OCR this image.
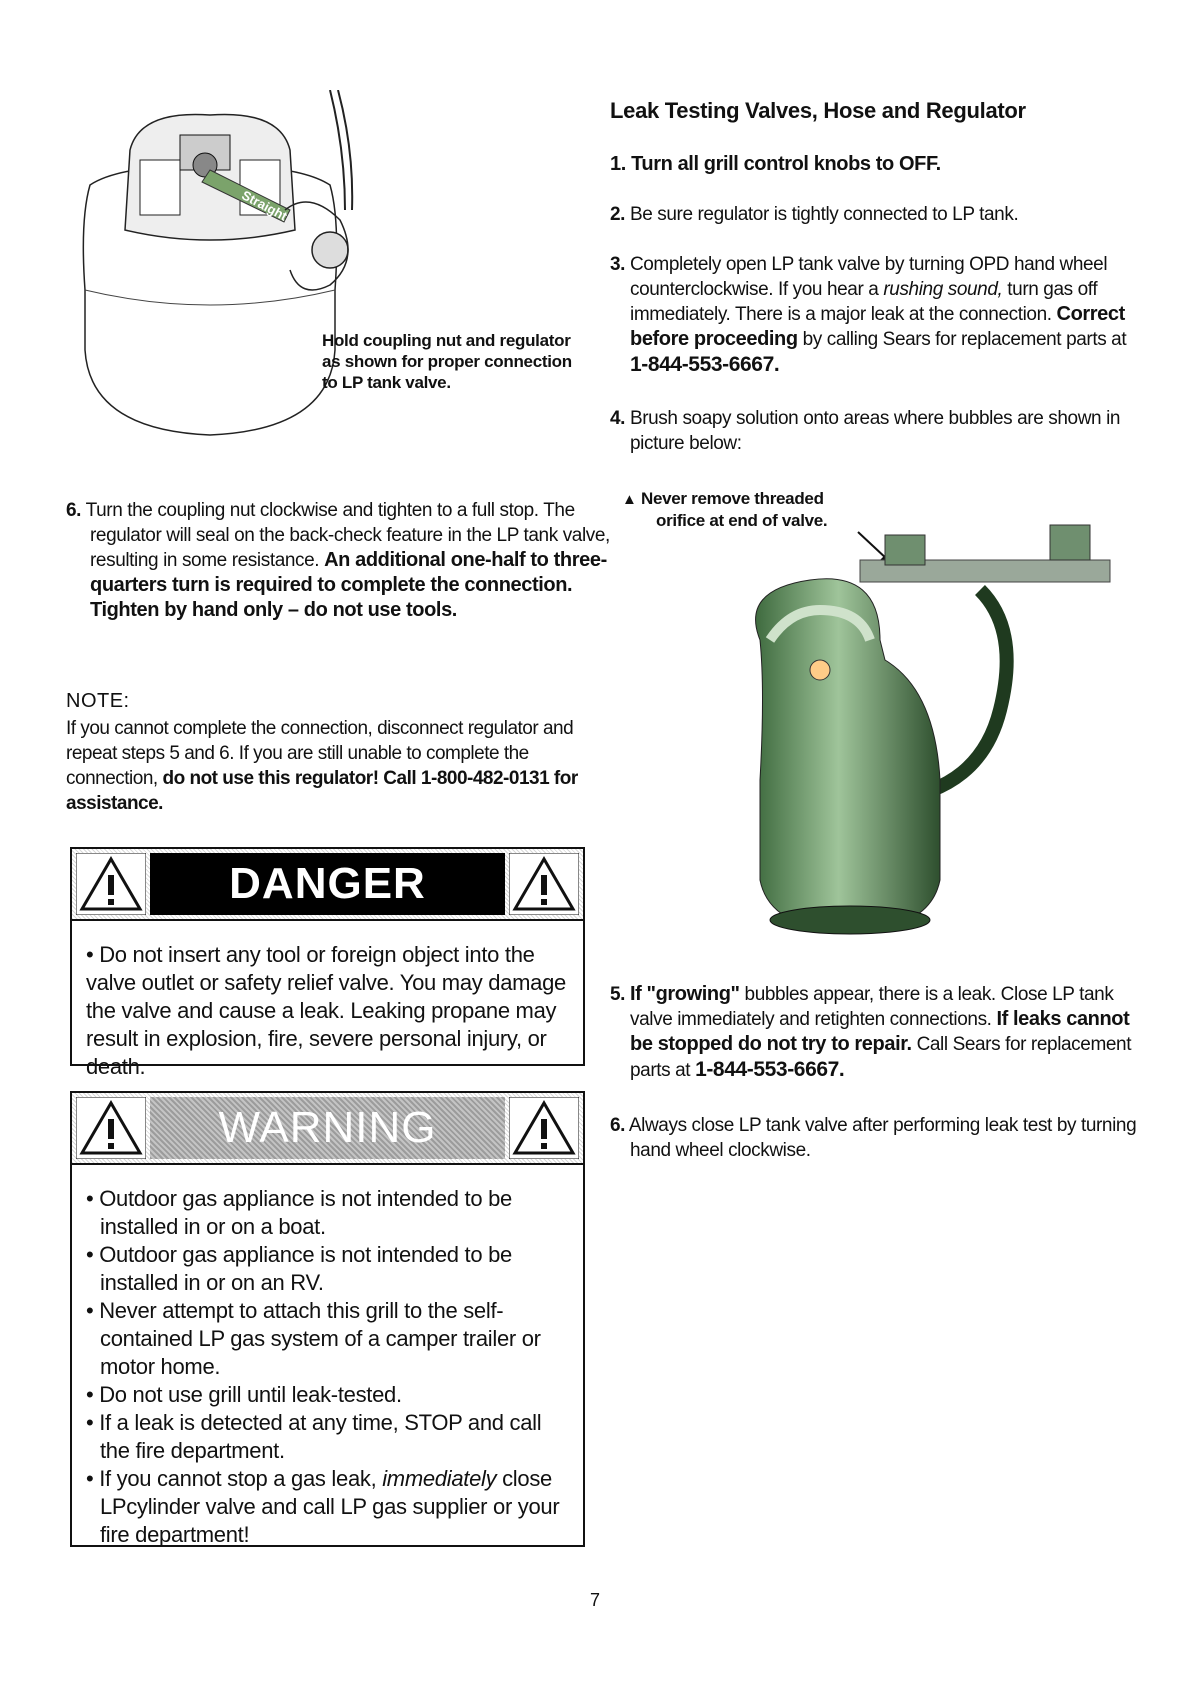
Straight
Hold coupling nut and regulator
as shown for proper connection
to LP tank valve.
6. Turn the coupling nut clockwise and tighten to a full stop. The regulator will seal on the back-check feature in the LP tank valve, resulting in some resistance. An additional one-half to three-quarters turn is required to complete the connection. Tighten by hand only – do not use tools.
NOTE:
If you cannot complete the connection, disconnect regulator and repeat steps 5 and 6. If you are still unable to complete the connection, do not use this regulator! Call 1-800-482-0131 for assistance.
DANGER
• Do not insert any tool or foreign object into the valve outlet or safety relief valve. You may damage the valve and cause a leak. Leaking propane may result in explosion, fire, severe personal injury, or death.
WARNING
• Outdoor gas appliance is not intended to be installed in or on a boat.
• Outdoor gas appliance is not intended to be installed in or on an RV.
• Never attempt to attach this grill to the self-contained LP gas system of a camper trailer or motor home.
• Do not use grill until leak-tested.
• If a leak is detected at any time, STOP and call the fire department.
• If you cannot stop a gas leak, immediately close LPcylinder valve and call LP gas supplier or your fire department!
Leak Testing Valves, Hose and Regulator
1. Turn all grill control knobs to OFF.
2. Be sure regulator is tightly connected to LP tank.
3. Completely open LP tank valve by turning OPD hand wheel counterclockwise. If you hear a rushing sound, turn gas off immediately. There is a major leak at the connection. Correct before proceeding by calling Sears for replacement parts at 1-844-553-6667.
4. Brush soapy solution onto areas where bubbles are shown in picture below:
▲ Never remove threaded
orifice at end of valve.
5. If "growing" bubbles appear, there is a leak. Close LP tank valve immediately and retighten connections. If leaks cannot be stopped do not try to repair. Call Sears for replacement parts at 1-844-553-6667.
6. Always close LP tank valve after performing leak test by turning hand wheel clockwise.
7
